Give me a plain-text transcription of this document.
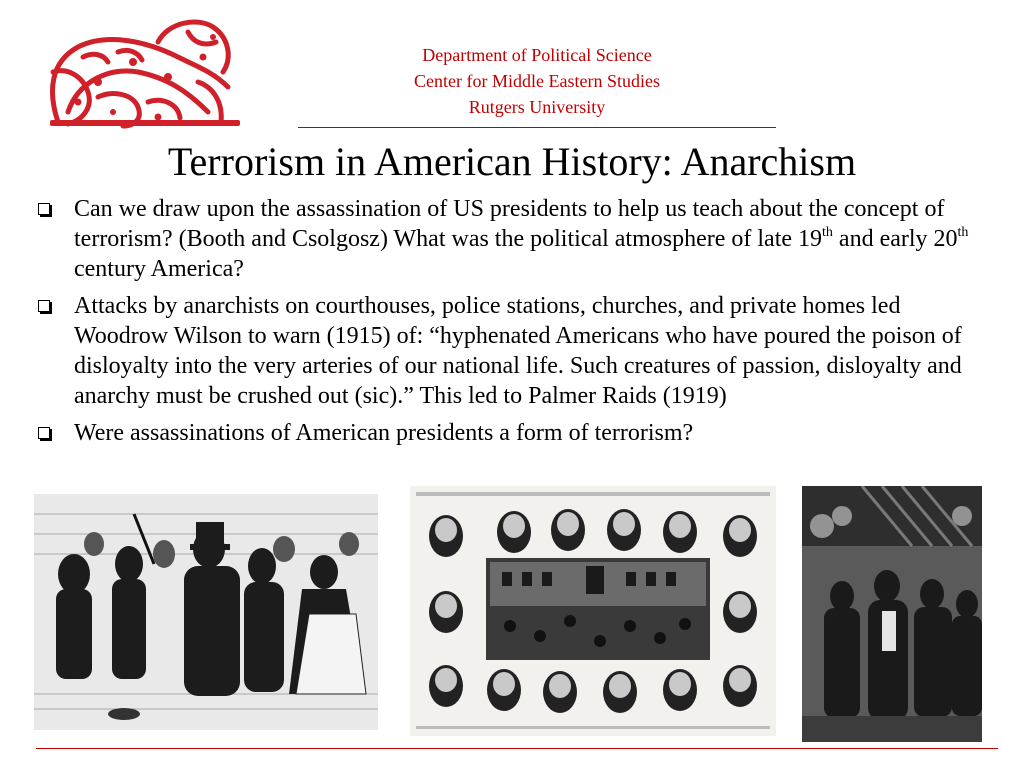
Department of Political Science
Center for Middle Eastern Studies
Rutgers University
Terrorism in American History: Anarchism
Can we draw upon the assassination of US presidents to help us teach about the concept of terrorism? (Booth and Csolgosz) What was the political atmosphere of late 19th and early 20th century America?
Attacks by anarchists on courthouses, police stations, churches, and private homes led Woodrow Wilson to warn (1915) of: “hyphenated Americans who have poured the poison of disloyalty into the very arteries of our national life. Such creatures of passion, disloyalty and anarchy must be crushed out (sic).” This led to Palmer Raids (1919)
Were assassinations of American presidents a form of terrorism?
